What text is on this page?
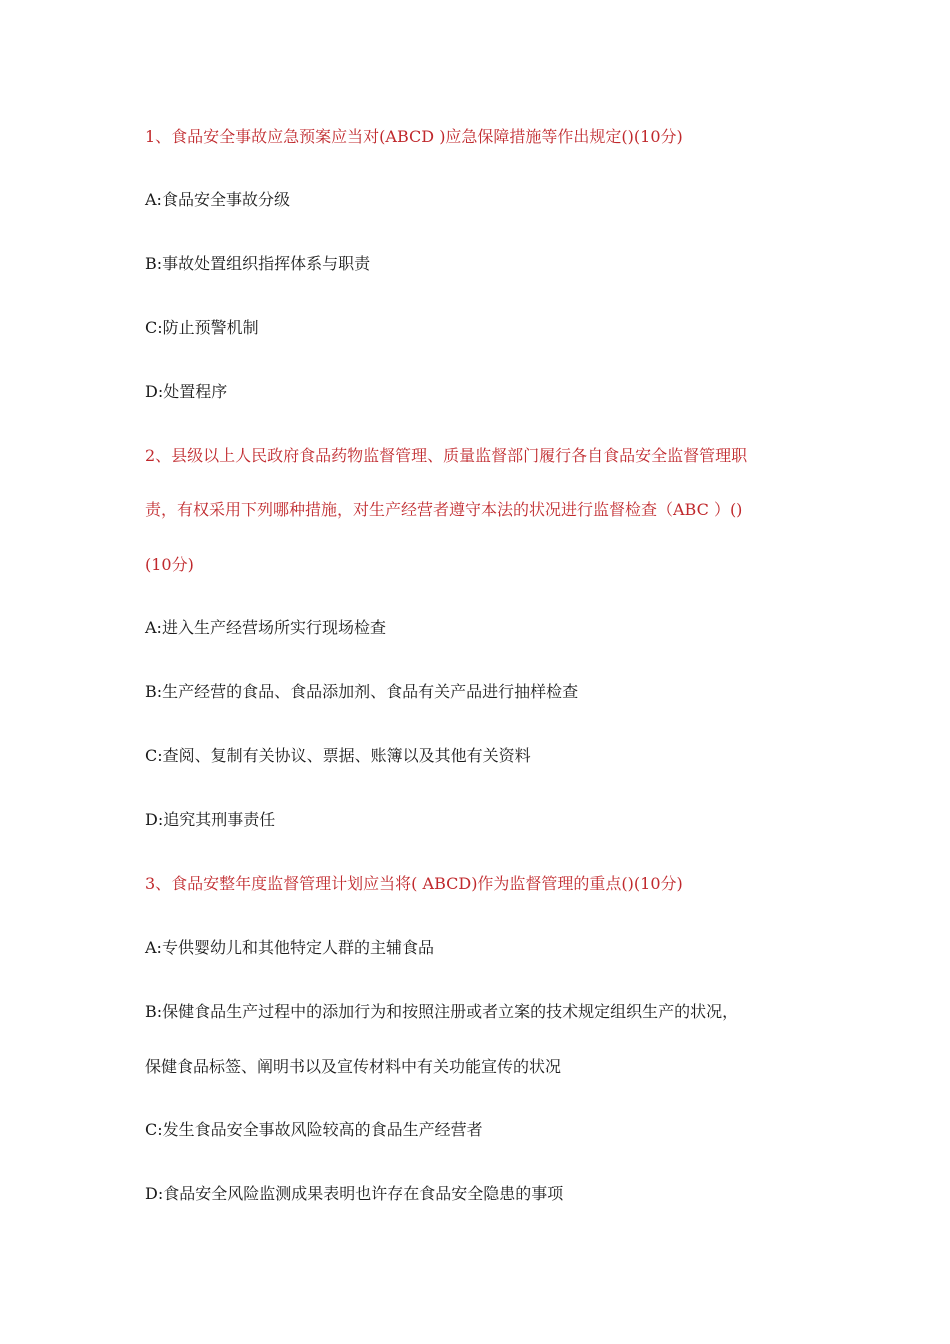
1、食品安全事故应急预案应当对(ABCD )应急保障措施等作出规定()(10分)
A:食品安全事故分级
B:事故处置组织指挥体系与职责
C:防止预警机制
D:处置程序
2、县级以上人民政府食品药物监督管理、质量监督部门履行各自食品安全监督管理职
责，有权采用下列哪种措施，对生产经营者遵守本法的状况进行监督检查（ABC ）()
(10分)
A:进入生产经营场所实行现场检查
B:生产经营的食品、食品添加剂、食品有关产品进行抽样检查
C:查阅、复制有关协议、票据、账簿以及其他有关资料
D:追究其刑事责任
3、食品安整年度监督管理计划应当将( ABCD)作为监督管理的重点()(10分)
A:专供婴幼儿和其他特定人群的主辅食品
B:保健食品生产过程中的添加行为和按照注册或者立案的技术规定组织生产的状况，
保健食品标签、阐明书以及宣传材料中有关功能宣传的状况
C:发生食品安全事故风险较高的食品生产经营者
D:食品安全风险监测成果表明也许存在食品安全隐患的事项
